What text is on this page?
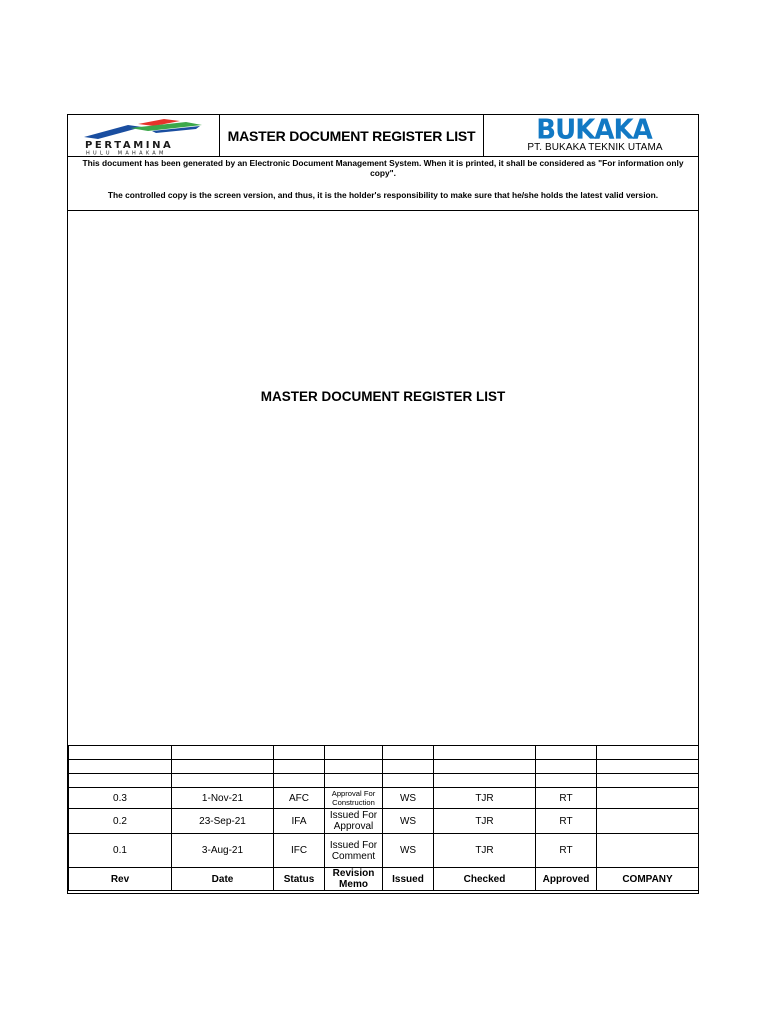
PERTAMINA
HULU MAHAKAM
MASTER DOCUMENT REGISTER LIST	BUKAKA
PT. BUKAKA TEKNIK UTAMA

This document has been generated by an Electronic Document Management System. When it is printed, it shall be considered as "For information only copy".

The controlled copy is the screen version, and thus, it is the holder's responsibility to make sure that he/she holds the latest valid version.

MASTER DOCUMENT REGISTER LIST

0.3	1-Nov-21	AFC	Approval For Construction	WS	TJR	RT	
0.2	23-Sep-21	IFA	Issued For Approval	WS	TJR	RT	
0.1	3-Aug-21	IFC	Issued For Comment	WS	TJR	RT	
Rev	Date	Status	Revision Memo	Issued	Checked	Approved	COMPANY
